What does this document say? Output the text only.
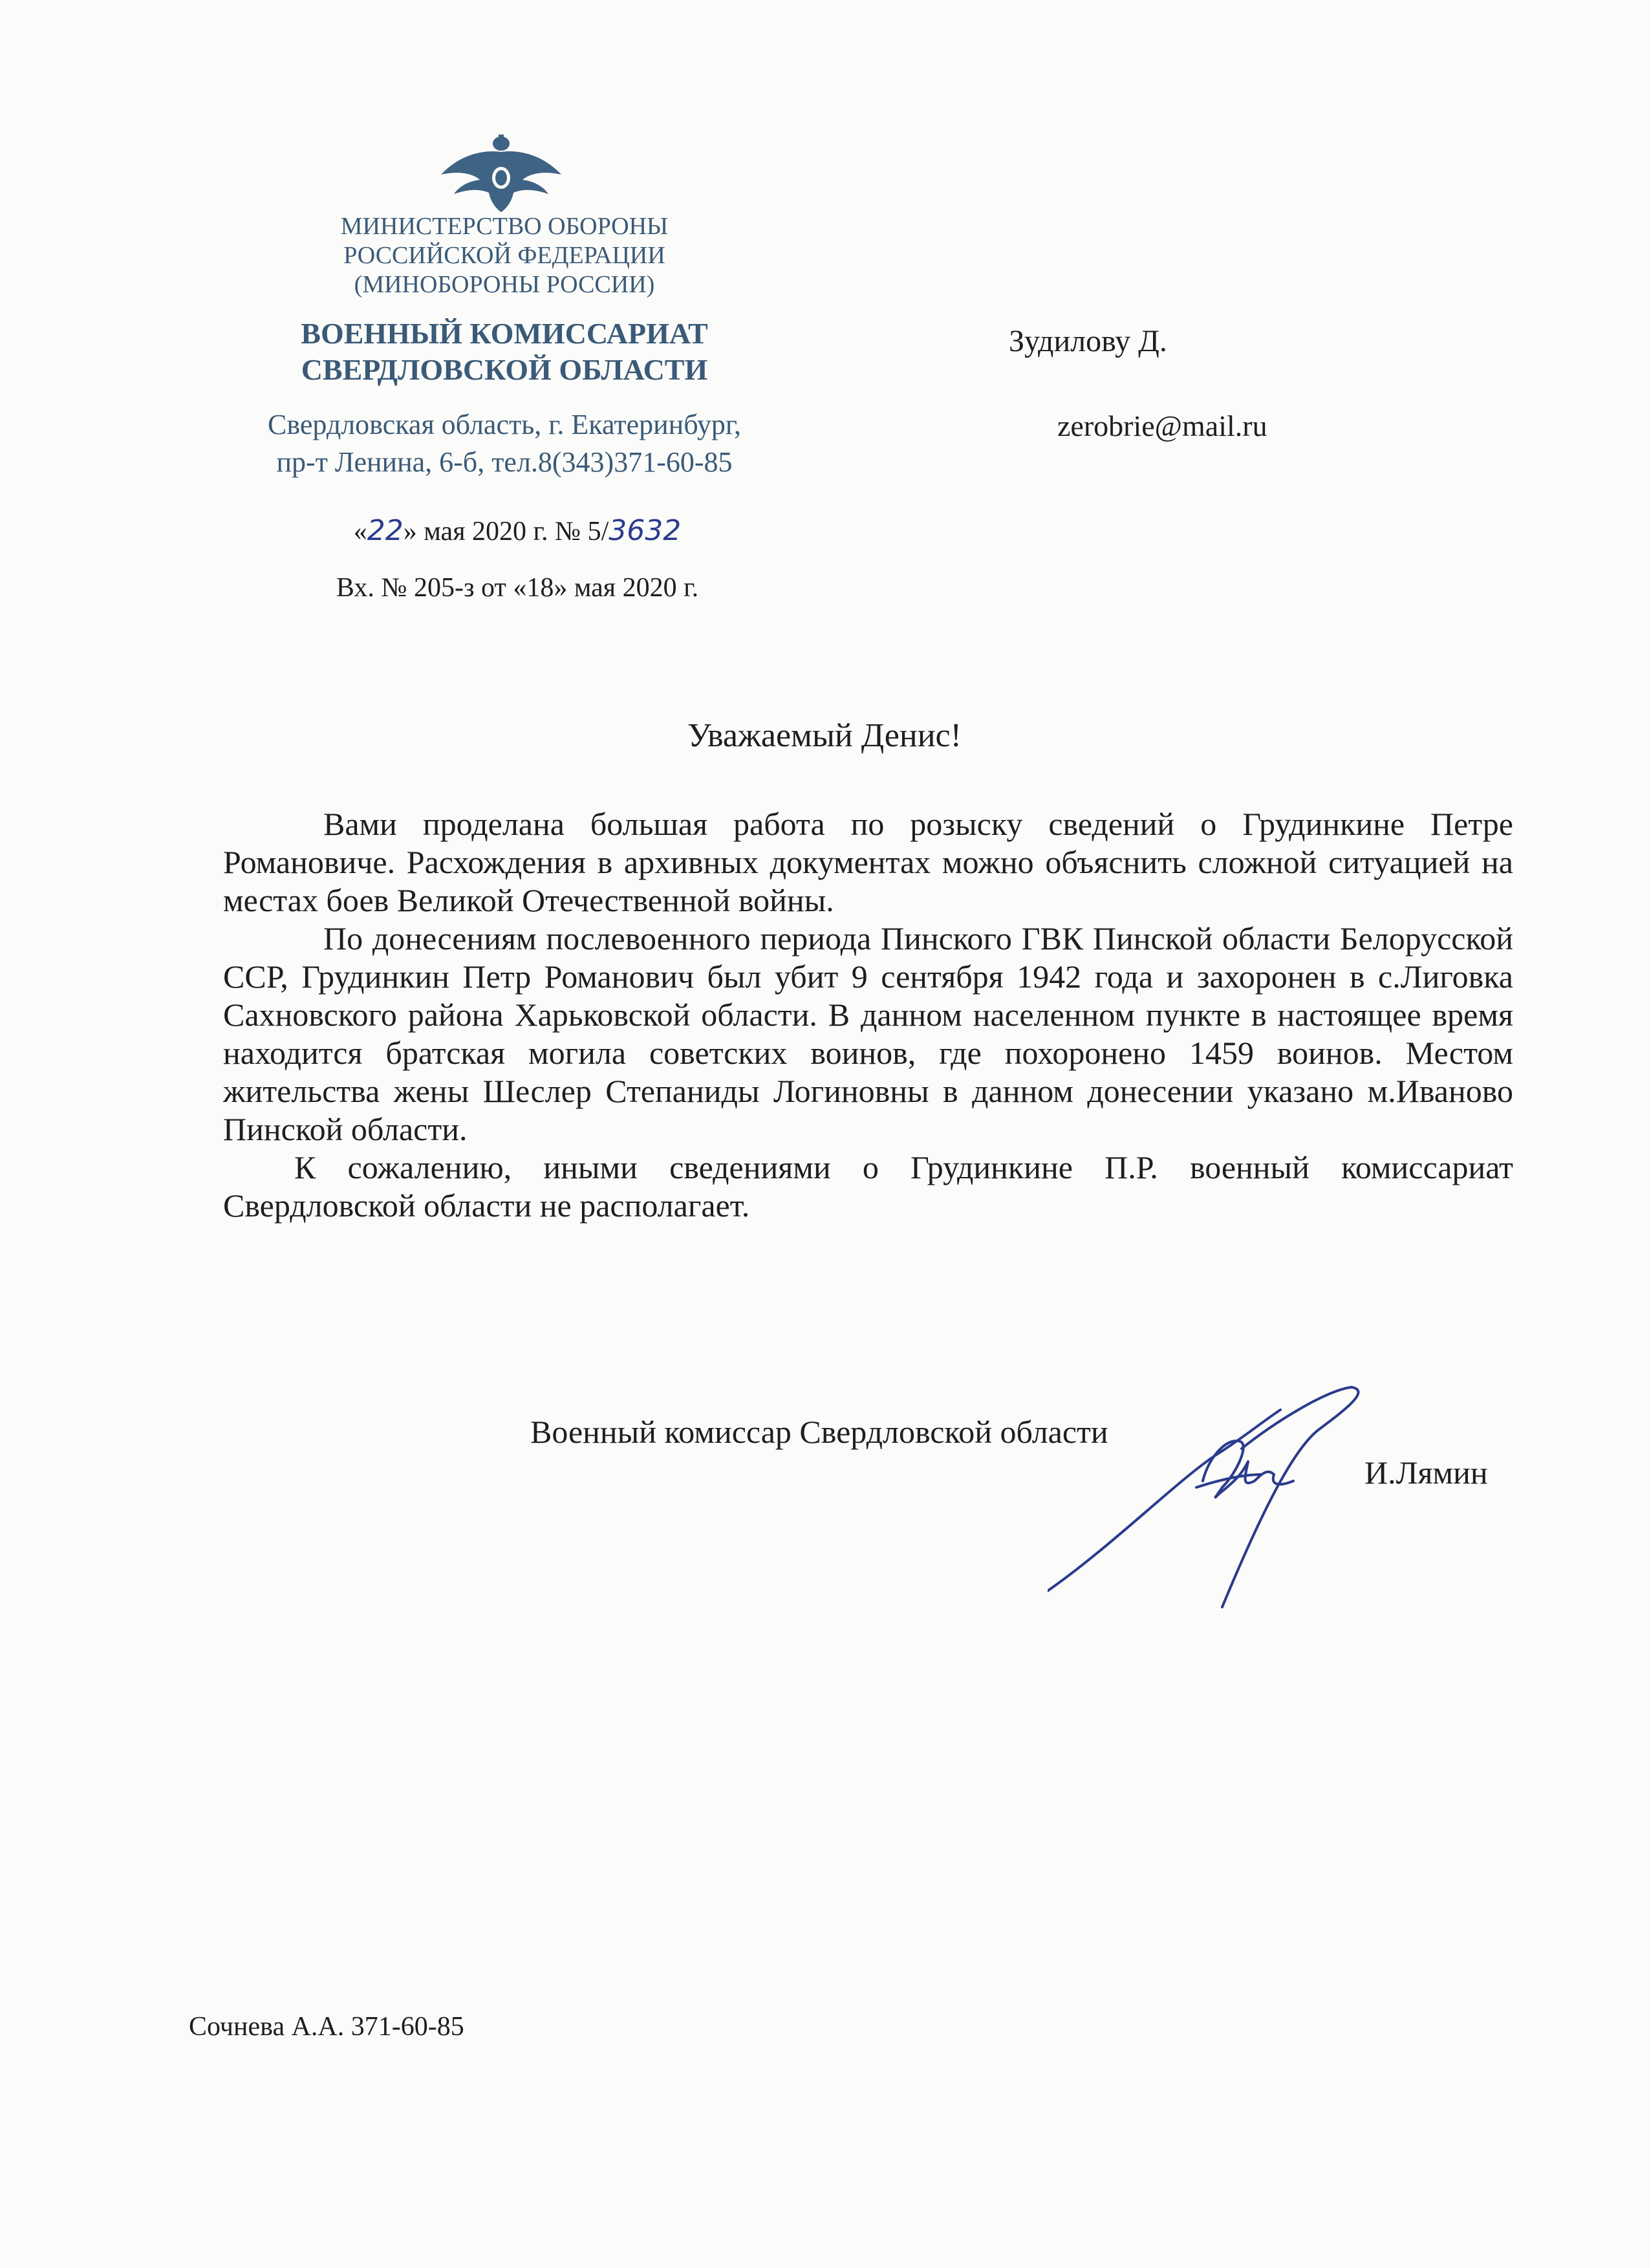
МИНИСТЕРСТВО ОБОРОНЫ
РОССИЙСКОЙ ФЕДЕРАЦИИ
(МИНОБОРОНЫ РОССИИ)
ВОЕННЫЙ КОМИССАРИАТ
СВЕРДЛОВСКОЙ ОБЛАСТИ
Свердловская область, г. Екатеринбург,
пр-т Ленина, 6-б, тел.8(343)371-60-85
«22» мая 2020 г. № 5/3632
Вх. № 205-з от «18» мая 2020 г.
Зудилову Д.
zerobrie@mail.ru
Уважаемый Денис!

Вами проделана большая работа по розыску сведений о Грудинкине Петре Романовиче. Расхождения в архивных документах можно объяснить сложной ситуацией на местах боев Великой Отечественной войны.

По донесениям послевоенного периода Пинского ГВК Пинской области Белорусской ССР, Грудинкин Петр Романович был убит 9 сентября 1942 года и захоронен в с.Лиговка Сахновского района Харьковской области. В данном населенном пункте в настоящее время находится братская могила советских воинов, где похоронено 1459 воинов. Местом жительства жены Шеслер Степаниды Логиновны в данном донесении указано м.Иваново Пинской области.

К сожалению, иными сведениями о Грудинкине П.Р. военный комиссариат Свердловской области не располагает.

Военный комиссар Свердловской области
И.Лямин
Сочнева А.А. 371-60-85
